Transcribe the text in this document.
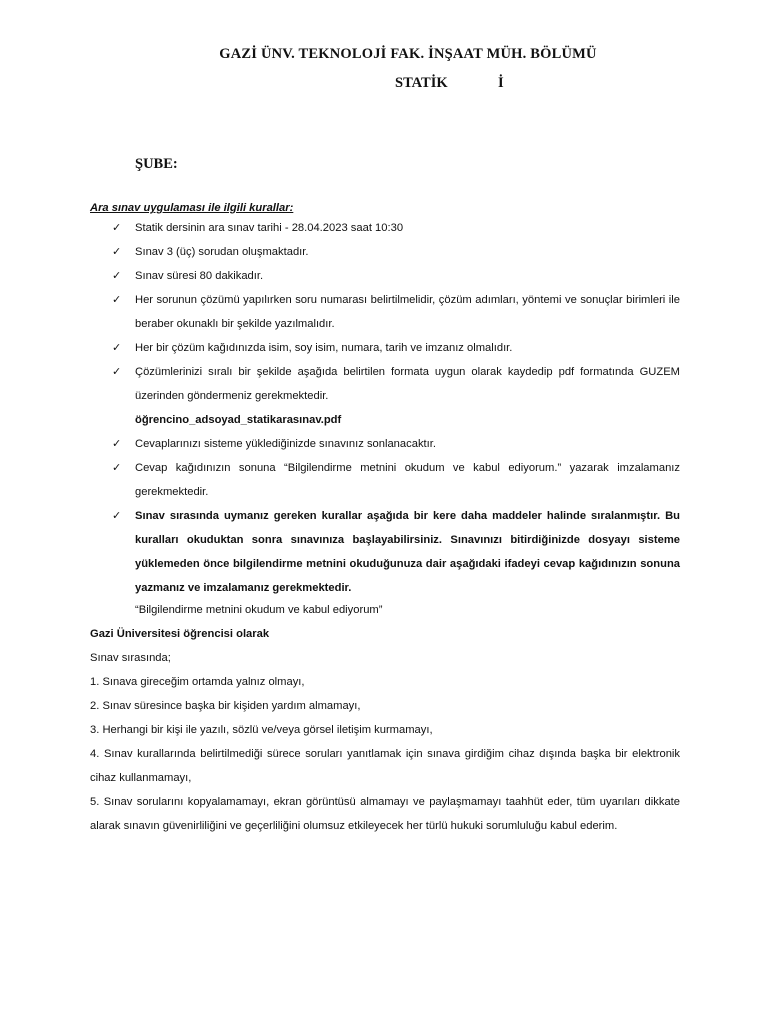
GAZİ ÜNV. TEKNOLOJİ FAK. İNŞAAT MÜH. BÖLÜMÜ
STATİK	İ
ŞUBE:
Ara sınav uygulaması ile ilgili kurallar:
✓ Statik dersinin ara sınav tarihi - 28.04.2023 saat 10:30
✓ Sınav 3 (üç) sorudan oluşmaktadır.
✓ Sınav süresi 80 dakikadır.
✓ Her sorunun çözümü yapılırken soru numarası belirtilmelidir, çözüm adımları, yöntemi ve sonuçlar birimleri ile beraber okunaklı bir şekilde yazılmalıdır.
✓ Her bir çözüm kağıdınızda isim, soy isim, numara, tarih ve imzanız olmalıdır.
✓ Çözümlerinizi sıralı bir şekilde aşağıda belirtilen formata uygun olarak kaydedip pdf formatında GUZEM üzerinden göndermeniz gerekmektedir.
öğrencino_adsoyad_statikarasınav.pdf
✓ Cevaplarınızı sisteme yüklediğinizde sınavınız sonlanacaktır.
✓ Cevap kağıdınızın sonuna “Bilgilendirme metnini okudum ve kabul ediyorum.” yazarak imzalamanız gerekmektedir.
✓ Sınav sırasında uymanız gereken kurallar aşağıda bir kere daha maddeler halinde sıralanmıştır. Bu kuralları okuduktan sonra sınavınıza başlayabilirsiniz. Sınavınızı bitirdiğinizde dosyayı sisteme yüklemeden önce bilgilendirme metnini okuduğunuza dair aşağıdaki ifadeyi cevap kağıdınızın sonuna yazmanız ve imzalamanız gerekmektedir.
“Bilgilendirme metnini okudum ve kabul ediyorum”
Gazi Üniversitesi öğrencisi olarak
Sınav sırasında;
1. Sınava gireceğim ortamda yalnız olmayı,
2. Sınav süresince başka bir kişiden yardım almamayı,
3. Herhangi bir kişi ile yazılı, sözlü ve/veya görsel iletişim kurmamayı,
4. Sınav kurallarında belirtilmediği sürece soruları yanıtlamak için sınava girdiğim cihaz dışında başka bir elektronik cihaz kullanmamayı,
5. Sınav sorularını kopyalamamayı, ekran görüntüsü almamayı ve paylaşmamayı taahhüt eder, tüm uyarıları dikkate alarak sınavın güvenirliliğini ve geçerliliğini olumsuz etkileyecek her türlü hukuki sorumluluğu kabul ederim.
